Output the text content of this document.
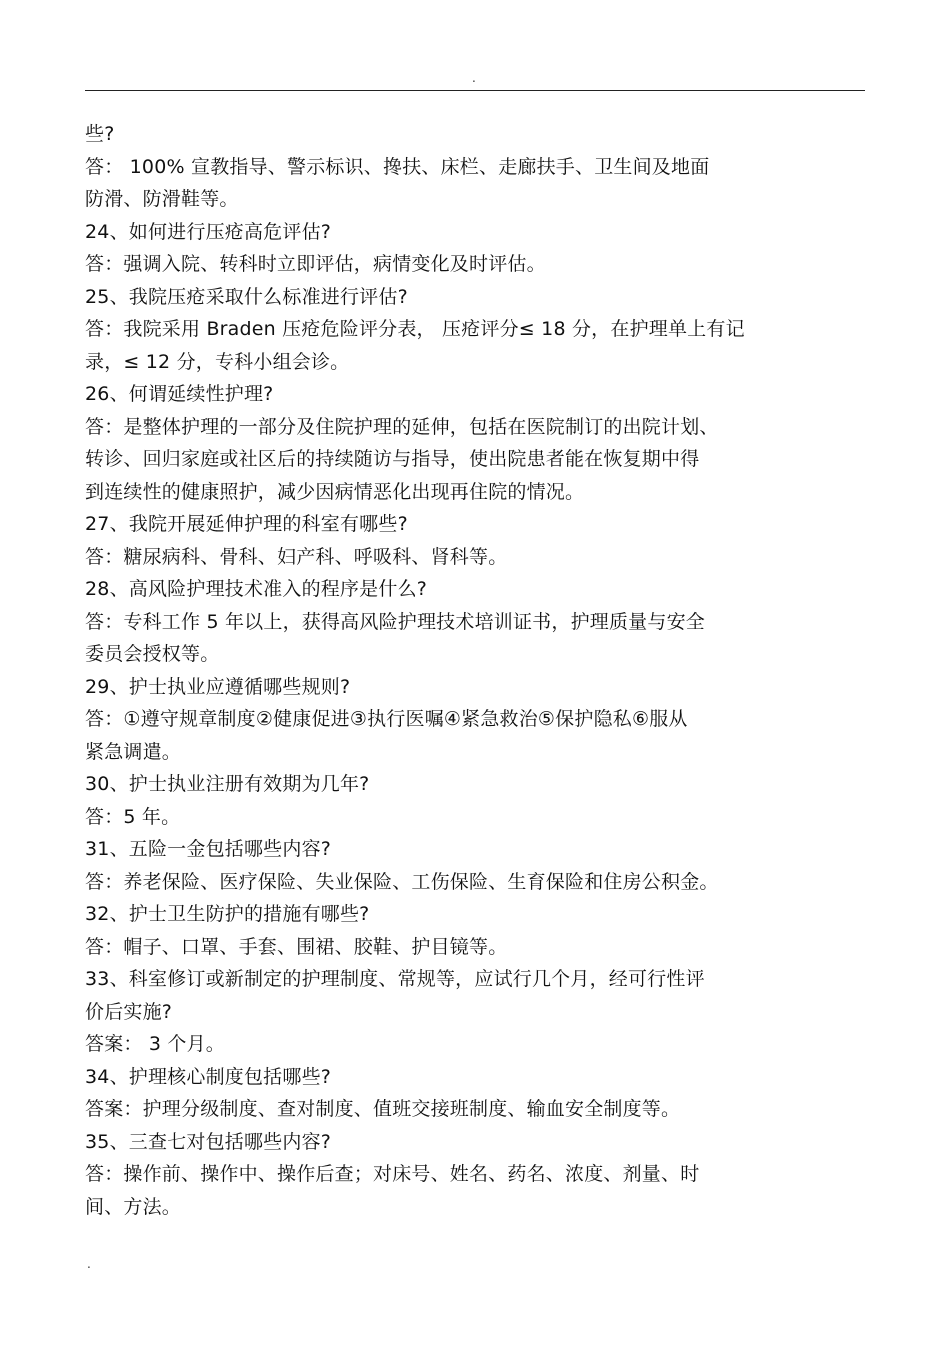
.
些?
答： 100% 宣教指导、警示标识、搀扶、床栏、走廊扶手、卫生间及地面
防滑、防滑鞋等。
24、如何进行压疮高危评估?
答：强调入院、转科时立即评估，病情变化及时评估。
25、我院压疮采取什么标准进行评估?
答：我院采用 Braden 压疮危险评分表， 压疮评分≤ 18 分，在护理单上有记
录，≤ 12 分，专科小组会诊。
26、何谓延续性护理?
答：是整体护理的一部分及住院护理的延伸，包括在医院制订的出院计划、
转诊、回归家庭或社区后的持续随访与指导，使出院患者能在恢复期中得
到连续性的健康照护，减少因病情恶化出现再住院的情况。
27、我院开展延伸护理的科室有哪些?
答：糖尿病科、骨科、妇产科、呼吸科、肾科等。
28、高风险护理技术准入的程序是什么?
答：专科工作 5 年以上，获得高风险护理技术培训证书，护理质量与安全
委员会授权等。
29、护士执业应遵循哪些规则?
答：①遵守规章制度②健康促进③执行医嘱④紧急救治⑤保护隐私⑥服从
紧急调遣。
30、护士执业注册有效期为几年?
答：5 年。
31、五险一金包括哪些内容?
答：养老保险、医疗保险、失业保险、工伤保险、生育保险和住房公积金。
32、护士卫生防护的措施有哪些?
答：帽子、口罩、手套、围裙、胶鞋、护目镜等。
33、科室修订或新制定的护理制度、常规等，应试行几个月，经可行性评
价后实施?
答案： 3 个月。
34、护理核心制度包括哪些?
答案：护理分级制度、查对制度、值班交接班制度、输血安全制度等。
35、三查七对包括哪些内容?
答：操作前、操作中、操作后查；对床号、姓名、药名、浓度、剂量、时
间、方法。
.
